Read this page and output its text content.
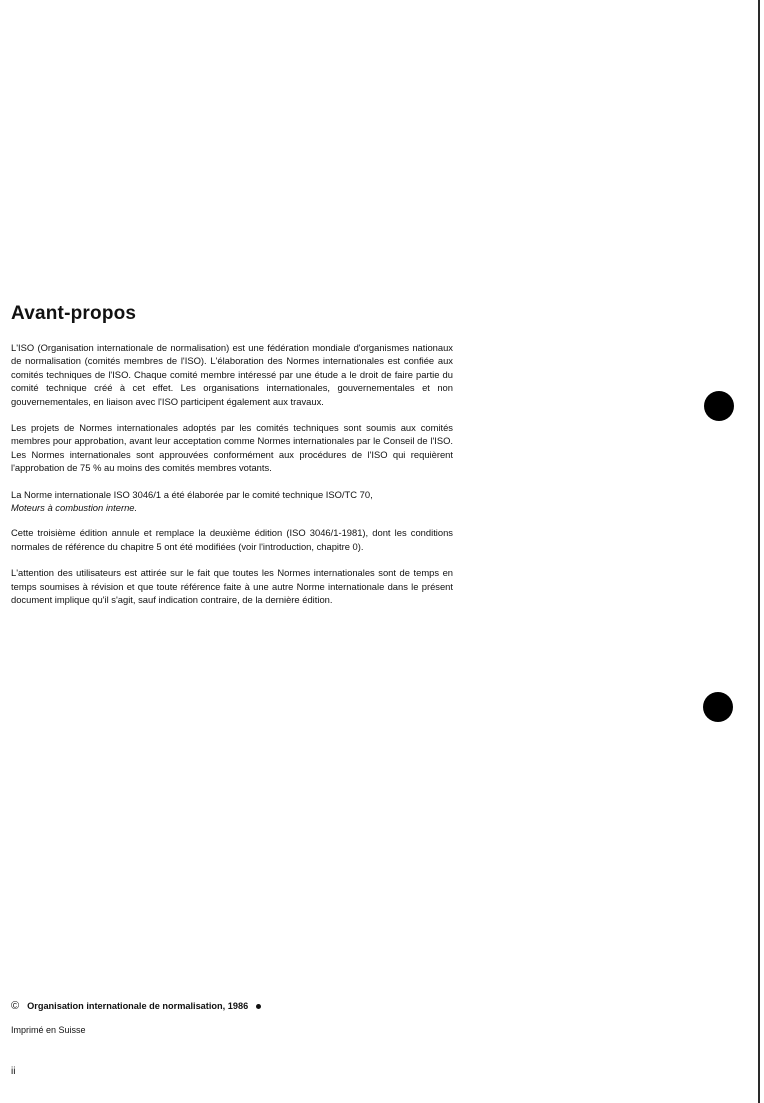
Avant-propos

L'ISO (Organisation internationale de normalisation) est une fédération mondiale d'organismes nationaux de normalisation (comités membres de l'ISO). L'élaboration des Normes internationales est confiée aux comités techniques de l'ISO. Chaque comité membre intéressé par une étude a le droit de faire partie du comité technique créé à cet effet. Les organisations internationales, gouvernementales et non gouvernementales, en liaison avec l'ISO participent également aux travaux.

Les projets de Normes internationales adoptés par les comités techniques sont soumis aux comités membres pour approbation, avant leur acceptation comme Normes internationales par le Conseil de l'ISO. Les Normes internationales sont approuvées conformément aux procédures de l'ISO qui requièrent l'approbation de 75 % au moins des comités membres votants.

La Norme internationale ISO 3046/1 a été élaborée par le comité technique ISO/TC 70,
Moteurs à combustion interne.

Cette troisième édition annule et remplace la deuxième édition (ISO 3046/1-1981), dont les conditions normales de référence du chapitre 5 ont été modifiées (voir l'introduction, chapitre 0).

L'attention des utilisateurs est attirée sur le fait que toutes les Normes internationales sont de temps en temps soumises à révision et que toute référence faite à une autre Norme internationale dans le présent document implique qu'il s'agit, sauf indication contraire, de la dernière édition.

© Organisation internationale de normalisation, 1986
Imprimé en Suisse
ii
